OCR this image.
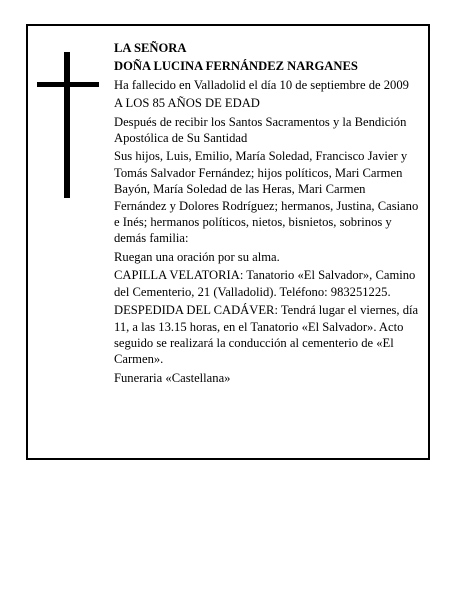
LA SEÑORA

DOÑA LUCINA FERNÁNDEZ NARGANES

Ha fallecido en Valladolid el día 10 de septiembre de 2009

A LOS 85 AÑOS DE EDAD

Después de recibir los Santos Sacramentos y la Bendición Apostólica de Su Santidad

Sus hijos, Luis, Emilio, María Soledad, Francisco Javier y Tomás Salvador Fernández; hijos políticos, Mari Carmen Bayón, María Soledad de las Heras, Mari Carmen Fernández y Dolores Rodríguez; hermanos, Justina, Casiano e Inés; hermanos políticos, nietos, bisnietos, sobrinos y demás familia:

Ruegan una oración por su alma.

CAPILLA VELATORIA: Tanatorio «El Salvador», Camino del Cementerio, 21 (Valladolid). Teléfono: 983251225.

DESPEDIDA DEL CADÁVER: Tendrá lugar el viernes, día 11, a las 13.15 horas, en el Tanatorio «El Salvador». Acto seguido se realizará la conducción al cementerio de «El Carmen».

Funeraria «Castellana»
